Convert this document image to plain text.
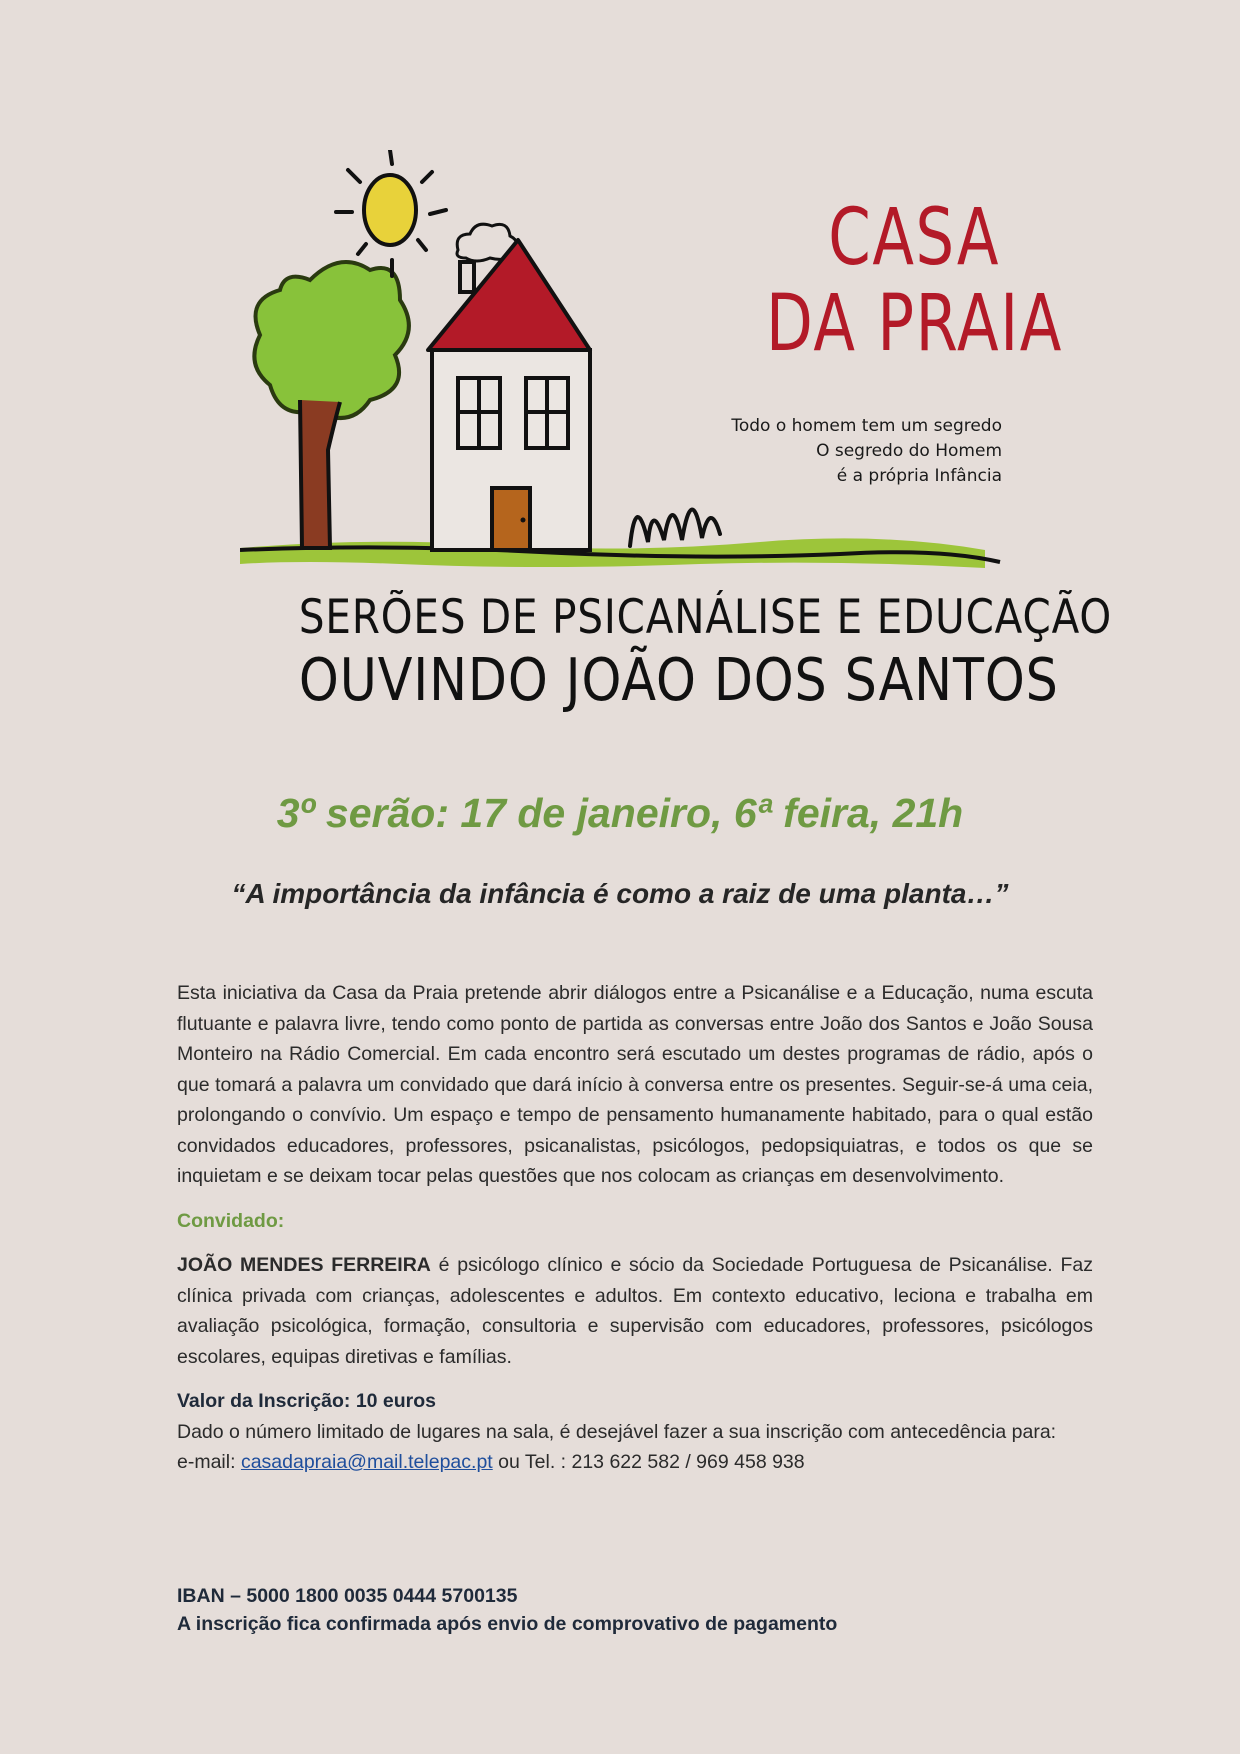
CASA
DA PRAIA
Todo o homem tem um segredo
O segredo do Homem
é a própria Infância
SERÕES DE PSICANÁLISE E EDUCAÇÃO
OUVINDO JOÃO DOS SANTOS
3º serão: 17 de janeiro, 6ª feira, 21h
“A importância da infância é como a raiz de uma planta…”

Esta iniciativa da Casa da Praia pretende abrir diálogos entre a Psicanálise e a Educação, numa escuta flutuante e palavra livre, tendo como ponto de partida as conversas entre João dos Santos e João Sousa Monteiro na Rádio Comercial. Em cada encontro será escutado um destes programas de rádio, após o que tomará a palavra um convidado que dará início à conversa entre os presentes. Seguir-se-á uma ceia, prolongando o convívio. Um espaço e tempo de pensamento humanamente habitado, para o qual estão convidados educadores, professores, psicanalistas, psicólogos, pedopsiquiatras, e todos os que se inquietam e se deixam tocar pelas questões que nos colocam as crianças em desenvolvimento.

Convidado:

JOÃO MENDES FERREIRA é psicólogo clínico e sócio da Sociedade Portuguesa de Psicanálise. Faz clínica privada com crianças, adolescentes e adultos. Em contexto educativo, leciona e trabalha em avaliação psicológica, formação, consultoria e supervisão com educadores, professores, psicólogos escolares, equipas diretivas e famílias.

Valor da Inscrição: 10 euros

Dado o número limitado de lugares na sala, é desejável fazer a sua inscrição com antecedência para:

e-mail: casadapraia@mail.telepac.pt ou Tel. : 213 622 582 / 969 458 938

IBAN – 5000 1800 0035 0444 5700135
A inscrição fica confirmada após envio de comprovativo de pagamento
